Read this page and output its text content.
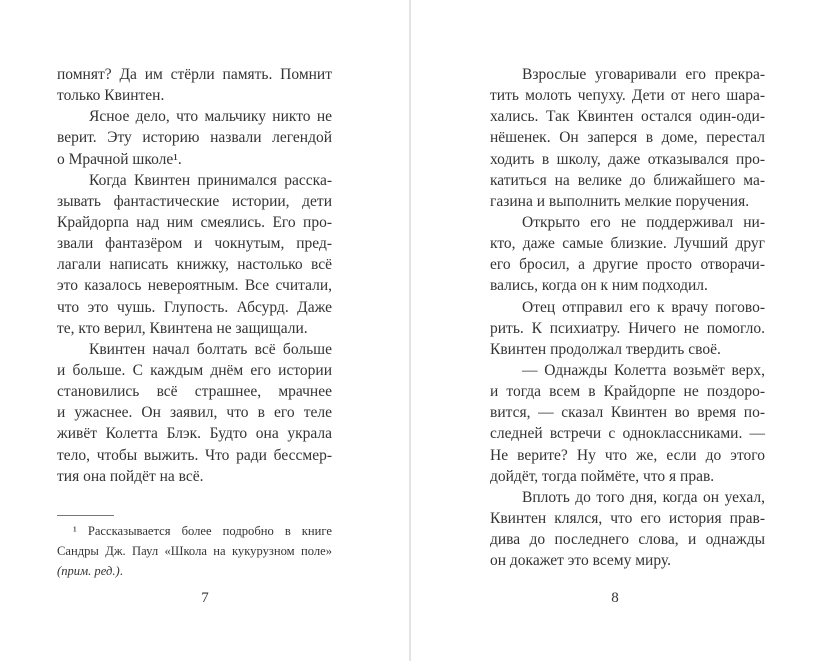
помнят? Да им стёрли память. Помнит
только Квинтен.
Ясное дело, что мальчику никто не
верит. Эту историю назвали легендой
о Мрачной школе¹.
Когда Квинтен принимался расска-
зывать фантастические истории, дети
Крайдорпа над ним смеялись. Его про-
звали фантазёром и чокнутым, пред-
лагали написать книжку, настолько всё
это казалось невероятным. Все считали,
что это чушь. Глупость. Абсурд. Даже
те, кто верил, Квинтена не защищали.
Квинтен начал болтать всё больше
и больше. С каждым днём его истории
становились всё страшнее, мрачнее
и ужаснее. Он заявил, что в его теле
живёт Колетта Блэк. Будто она украла
тело, чтобы выжить. Что ради бессмер-
тия она пойдёт на всё.
¹ Рассказывается более подробно в книге
Сандры Дж. Паул «Школа на кукурузном поле»
(прим. ред.).
7
Взрослые уговаривали его прекра-
тить молоть чепуху. Дети от него шара-
хались. Так Квинтен остался один-оди-
нёшенек. Он заперся в доме, перестал
ходить в школу, даже отказывался про-
катиться на велике до ближайшего ма-
газина и выполнить мелкие поручения.
Открыто его не поддерживал ни-
кто, даже самые близкие. Лучший друг
его бросил, а другие просто отворачи-
вались, когда он к ним подходил.
Отец отправил его к врачу погово-
рить. К психиатру. Ничего не помогло.
Квинтен продолжал твердить своё.
— Однажды Колетта возьмёт верх,
и тогда всем в Крайдорпе не поздоро-
вится, — сказал Квинтен во время по-
следней встречи с одноклассниками. —
Не верите? Ну что же, если до этого
дойдёт, тогда поймёте, что я прав.
Вплоть до того дня, когда он уехал,
Квинтен клялся, что его история прав-
дива до последнего слова, и однажды
он докажет это всему миру.
8
